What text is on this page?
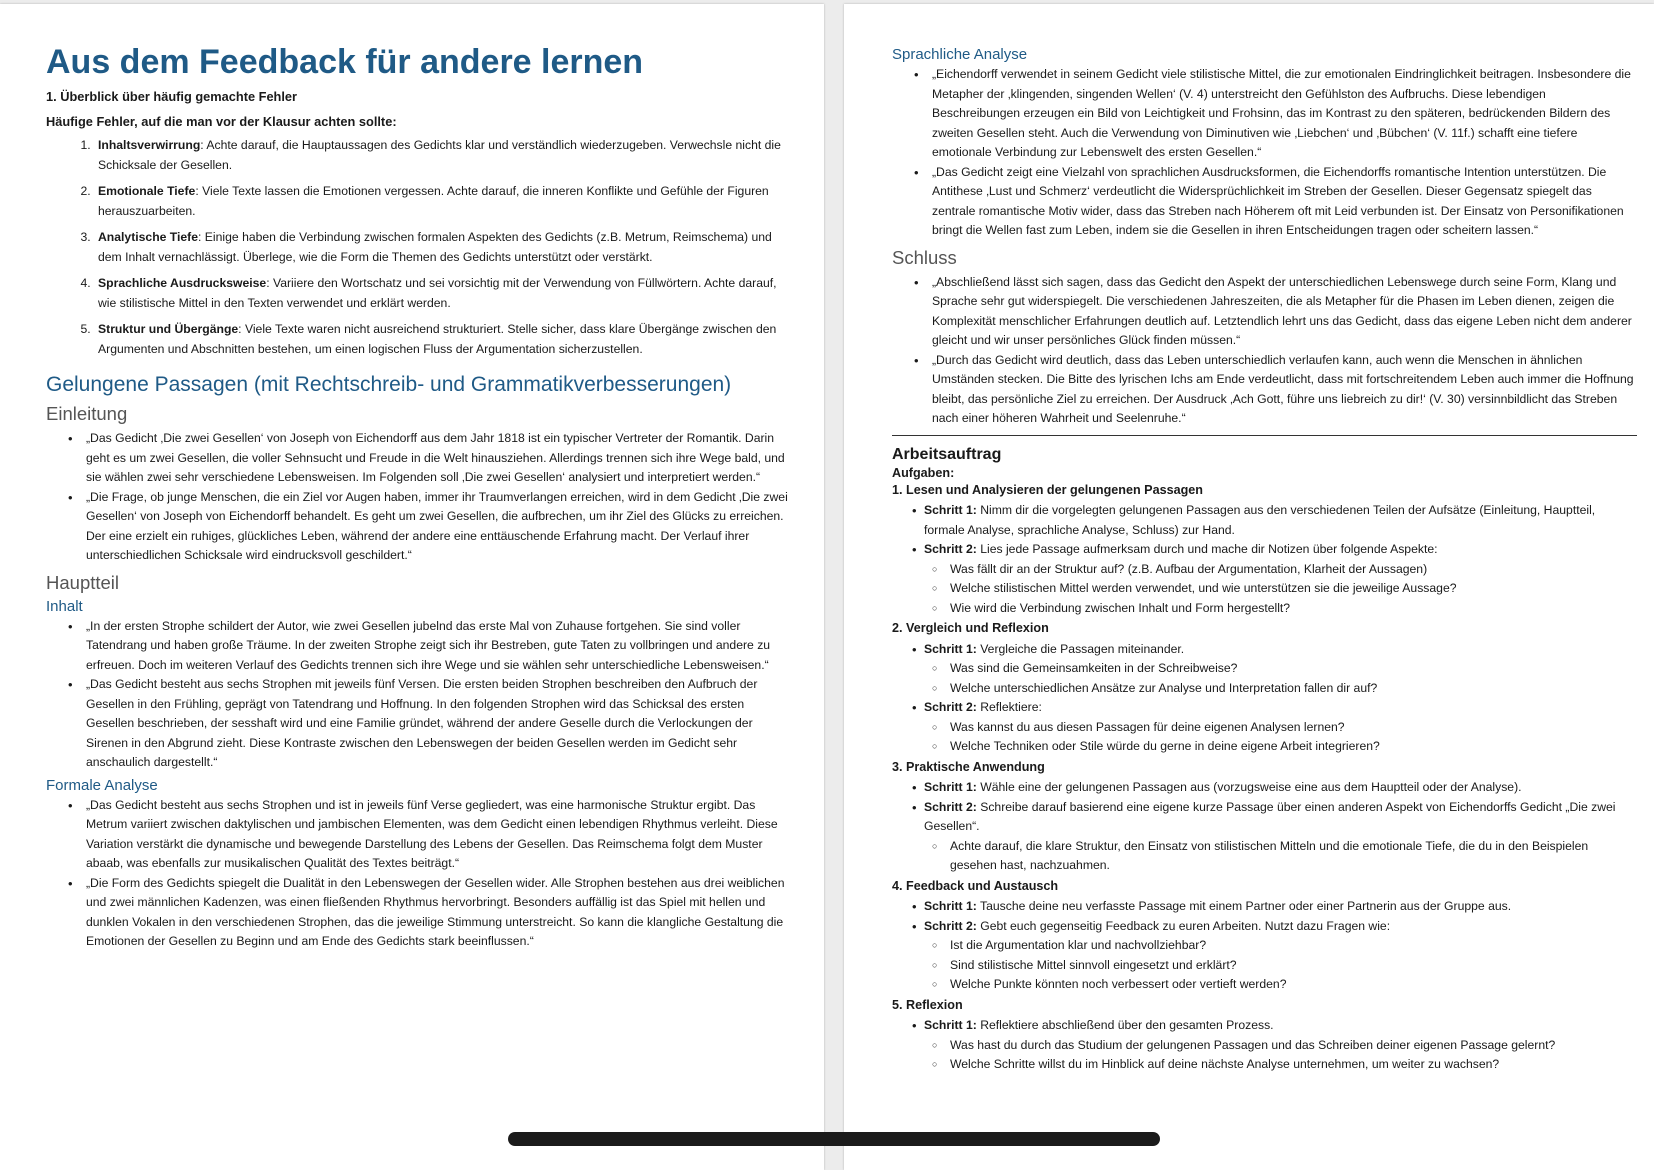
Aus dem Feedback für andere lernen
1. Überblick über häufig gemachte Fehler
Häufige Fehler, auf die man vor der Klausur achten sollte:
1. Inhaltsverwirrung: Achte darauf, die Hauptaussagen des Gedichts klar und verständlich wiederzugeben. Verwechsle nicht die Schicksale der Gesellen.
2. Emotionale Tiefe: Viele Texte lassen die Emotionen vergessen. Achte darauf, die inneren Konflikte und Gefühle der Figuren herauszuarbeiten.
3. Analytische Tiefe: Einige haben die Verbindung zwischen formalen Aspekten des Gedichts (z.B. Metrum, Reimschema) und dem Inhalt vernachlässigt. Überlege, wie die Form die Themen des Gedichts unterstützt oder verstärkt.
4. Sprachliche Ausdrucksweise: Variiere den Wortschatz und sei vorsichtig mit der Verwendung von Füllwörtern. Achte darauf, wie stilistische Mittel in den Texten verwendet und erklärt werden.
5. Struktur und Übergänge: Viele Texte waren nicht ausreichend strukturiert. Stelle sicher, dass klare Übergänge zwischen den Argumenten und Abschnitten bestehen, um einen logischen Fluss der Argumentation sicherzustellen.
Gelungene Passagen (mit Rechtschreib- und Grammatikverbesserungen)
Einleitung
• „Das Gedicht ‚Die zwei Gesellen‘ von Joseph von Eichendorff aus dem Jahr 1818 ist ein typischer Vertreter der Romantik. Darin geht es um zwei Gesellen, die voller Sehnsucht und Freude in die Welt hinausziehen. Allerdings trennen sich ihre Wege bald, und sie wählen zwei sehr verschiedene Lebensweisen. Im Folgenden soll ‚Die zwei Gesellen‘ analysiert und interpretiert werden.“
• „Die Frage, ob junge Menschen, die ein Ziel vor Augen haben, immer ihr Traumverlangen erreichen, wird in dem Gedicht ‚Die zwei Gesellen‘ von Joseph von Eichendorff behandelt. Es geht um zwei Gesellen, die aufbrechen, um ihr Ziel des Glücks zu erreichen. Der eine erzielt ein ruhiges, glückliches Leben, während der andere eine enttäuschende Erfahrung macht. Der Verlauf ihrer unterschiedlichen Schicksale wird eindrucksvoll geschildert.“
Hauptteil
Inhalt
• „In der ersten Strophe schildert der Autor, wie zwei Gesellen jubelnd das erste Mal von Zuhause fortgehen. Sie sind voller Tatendrang und haben große Träume. In der zweiten Strophe zeigt sich ihr Bestreben, gute Taten zu vollbringen und andere zu erfreuen. Doch im weiteren Verlauf des Gedichts trennen sich ihre Wege und sie wählen sehr unterschiedliche Lebensweisen.“
• „Das Gedicht besteht aus sechs Strophen mit jeweils fünf Versen. Die ersten beiden Strophen beschreiben den Aufbruch der Gesellen in den Frühling, geprägt von Tatendrang und Hoffnung. In den folgenden Strophen wird das Schicksal des ersten Gesellen beschrieben, der sesshaft wird und eine Familie gründet, während der andere Geselle durch die Verlockungen der Sirenen in den Abgrund zieht. Diese Kontraste zwischen den Lebenswegen der beiden Gesellen werden im Gedicht sehr anschaulich dargestellt.“
Formale Analyse
• „Das Gedicht besteht aus sechs Strophen und ist in jeweils fünf Verse gegliedert, was eine harmonische Struktur ergibt. Das Metrum variiert zwischen daktylischen und jambischen Elementen, was dem Gedicht einen lebendigen Rhythmus verleiht. Diese Variation verstärkt die dynamische und bewegende Darstellung des Lebens der Gesellen. Das Reimschema folgt dem Muster abaab, was ebenfalls zur musikalischen Qualität des Textes beiträgt.“
• „Die Form des Gedichts spiegelt die Dualität in den Lebenswegen der Gesellen wider. Alle Strophen bestehen aus drei weiblichen und zwei männlichen Kadenzen, was einen fließenden Rhythmus hervorbringt. Besonders auffällig ist das Spiel mit hellen und dunklen Vokalen in den verschiedenen Strophen, das die jeweilige Stimmung unterstreicht. So kann die klangliche Gestaltung die Emotionen der Gesellen zu Beginn und am Ende des Gedichts stark beeinflussen.“
Sprachliche Analyse
• „Eichendorff verwendet in seinem Gedicht viele stilistische Mittel, die zur emotionalen Eindringlichkeit beitragen. Insbesondere die Metapher der ‚klingenden, singenden Wellen‘ (V. 4) unterstreicht den Gefühlston des Aufbruchs. Diese lebendigen Beschreibungen erzeugen ein Bild von Leichtigkeit und Frohsinn, das im Kontrast zu den späteren, bedrückenden Bildern des zweiten Gesellen steht. Auch die Verwendung von Diminutiven wie ‚Liebchen‘ und ‚Bübchen‘ (V. 11f.) schafft eine tiefere emotionale Verbindung zur Lebenswelt des ersten Gesellen.“
• „Das Gedicht zeigt eine Vielzahl von sprachlichen Ausdrucksformen, die Eichendorffs romantische Intention unterstützen. Die Antithese ‚Lust und Schmerz‘ verdeutlicht die Widersprüchlichkeit im Streben der Gesellen. Dieser Gegensatz spiegelt das zentrale romantische Motiv wider, dass das Streben nach Höherem oft mit Leid verbunden ist. Der Einsatz von Personifikationen bringt die Wellen fast zum Leben, indem sie die Gesellen in ihren Entscheidungen tragen oder scheitern lassen.“
Schluss
• „Abschließend lässt sich sagen, dass das Gedicht den Aspekt der unterschiedlichen Lebenswege durch seine Form, Klang und Sprache sehr gut widerspiegelt. Die verschiedenen Jahreszeiten, die als Metapher für die Phasen im Leben dienen, zeigen die Komplexität menschlicher Erfahrungen deutlich auf. Letztendlich lehrt uns das Gedicht, dass das eigene Leben nicht dem anderer gleicht und wir unser persönliches Glück finden müssen.“
• „Durch das Gedicht wird deutlich, dass das Leben unterschiedlich verlaufen kann, auch wenn die Menschen in ähnlichen Umständen stecken. Die Bitte des lyrischen Ichs am Ende verdeutlicht, dass mit fortschreitendem Leben auch immer die Hoffnung bleibt, das persönliche Ziel zu erreichen. Der Ausdruck ‚Ach Gott, führe uns liebreich zu dir!‘ (V. 30) versinnbildlicht das Streben nach einer höheren Wahrheit und Seelenruhe.“
Arbeitsauftrag
Aufgaben:
1. Lesen und Analysieren der gelungenen Passagen
• Schritt 1: Nimm dir die vorgelegten gelungenen Passagen aus den verschiedenen Teilen der Aufsätze (Einleitung, Hauptteil, formale Analyse, sprachliche Analyse, Schluss) zur Hand.
• Schritt 2: Lies jede Passage aufmerksam durch und mache dir Notizen über folgende Aspekte:
○ Was fällt dir an der Struktur auf? (z.B. Aufbau der Argumentation, Klarheit der Aussagen)
○ Welche stilistischen Mittel werden verwendet, und wie unterstützen sie die jeweilige Aussage?
○ Wie wird die Verbindung zwischen Inhalt und Form hergestellt?
2. Vergleich und Reflexion
• Schritt 1: Vergleiche die Passagen miteinander.
○ Was sind die Gemeinsamkeiten in der Schreibweise?
○ Welche unterschiedlichen Ansätze zur Analyse und Interpretation fallen dir auf?
• Schritt 2: Reflektiere:
○ Was kannst du aus diesen Passagen für deine eigenen Analysen lernen?
○ Welche Techniken oder Stile würde du gerne in deine eigene Arbeit integrieren?
3. Praktische Anwendung
• Schritt 1: Wähle eine der gelungenen Passagen aus (vorzugsweise eine aus dem Hauptteil oder der Analyse).
• Schritt 2: Schreibe darauf basierend eine eigene kurze Passage über einen anderen Aspekt von Eichendorffs Gedicht „Die zwei Gesellen“.
○ Achte darauf, die klare Struktur, den Einsatz von stilistischen Mitteln und die emotionale Tiefe, die du in den Beispielen gesehen hast, nachzuahmen.
4. Feedback und Austausch
• Schritt 1: Tausche deine neu verfasste Passage mit einem Partner oder einer Partnerin aus der Gruppe aus.
• Schritt 2: Gebt euch gegenseitig Feedback zu euren Arbeiten. Nutzt dazu Fragen wie:
○ Ist die Argumentation klar und nachvollziehbar?
○ Sind stilistische Mittel sinnvoll eingesetzt und erklärt?
○ Welche Punkte könnten noch verbessert oder vertieft werden?
5. Reflexion
• Schritt 1: Reflektiere abschließend über den gesamten Prozess.
○ Was hast du durch das Studium der gelungenen Passagen und das Schreiben deiner eigenen Passage gelernt?
○ Welche Schritte willst du im Hinblick auf deine nächste Analyse unternehmen, um weiter zu wachsen?
